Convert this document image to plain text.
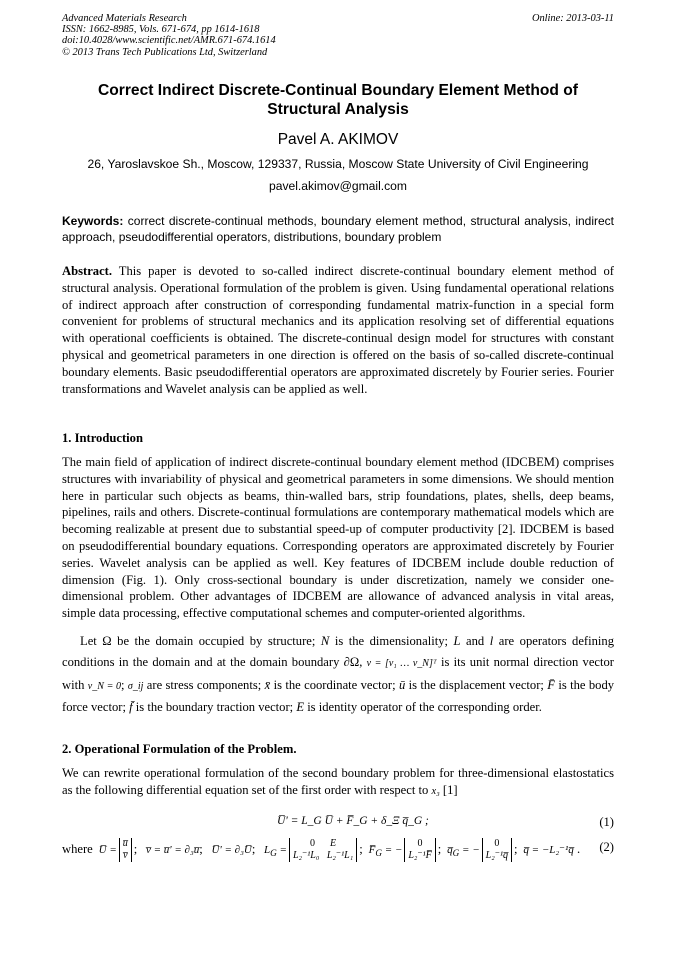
Advanced Materials Research
ISSN: 1662-8985, Vols. 671-674, pp 1614-1618
doi:10.4028/www.scientific.net/AMR.671-674.1614
© 2013 Trans Tech Publications Ltd, Switzerland
Online: 2013-03-11
Correct Indirect Discrete-Continual Boundary Element Method of
Structural Analysis
Pavel A. AKIMOV
26, Yaroslavskoe Sh., Moscow, 129337, Russia, Moscow State University of Civil Engineering
pavel.akimov@gmail.com
Keywords: correct discrete-continual methods, boundary element method, structural analysis, indirect approach, pseudodifferential operators, distributions, boundary problem
Abstract. This paper is devoted to so-called indirect discrete-continual boundary element method of structural analysis. Operational formulation of the problem is given. Using fundamental operational relations of indirect approach after construction of corresponding fundamental matrix-function in a special form convenient for problems of structural mechanics and its application resolving set of differential equations with operational coefficients is obtained. The discrete-continual design model for structures with constant physical and geometrical parameters in one direction is offered on the basis of so-called discrete-continual boundary elements. Basic pseudodifferential operators are approximated discretely by Fourier series. Fourier transformations and Wavelet analysis can be applied as well.
1. Introduction
The main field of application of indirect discrete-continual boundary element method (IDCBEM) comprises structures with invariability of physical and geometrical parameters in some dimensions. We should mention here in particular such objects as beams, thin-walled bars, strip foundations, plates, shells, deep beams, pipelines, rails and others. Discrete-continual formulations are contemporary mathematical models which are becoming realizable at present due to substantial speed-up of computer productivity [2]. IDCBEM is based on pseudodifferential boundary equations. Corresponding operators are approximated discretely by Fourier series. Wavelet analysis can be applied as well. Key features of IDCBEM include double reduction of dimension (Fig. 1). Only cross-sectional boundary is under discretization, namely we consider one-dimensional problem. Other advantages of IDCBEM are allowance of advanced analysis in vital areas, simple data processing, effective computational schemes and computer-oriented algorithms.
Let Ω be the domain occupied by structure; N is the dimensionality; L and l are operators defining conditions in the domain and at the domain boundary ∂Ω, ν = [ν₁ … ν_N]ᵀ is its unit normal direction vector with ν_N = 0; σ_ij are stress components; x̄ is the coordinate vector; ū is the displacement vector; F̄ is the body force vector; f̄ is the boundary traction vector; E is identity operator of the corresponding order.
2. Operational Formulation of the Problem.
We can rewrite operational formulation of the second boundary problem for three-dimensional elastostatics as the following differential equation set of the first order with respect to x₃ [1]
U̅' = L_G U̅ + F̅_G + δ_Ξ q̅_G ;	(1)
where  U̅ =
u̅
v̅ ;   v̅ = u̅' = ∂₃u̅;   U̅' = ∂₃U̅;   $L_G$ =
0      E
L₂⁻¹L₀   L₂⁻¹L₁ ;  $F̅_G$ = −
0
L₂⁻¹F̅ ;  $q̅_G$ = −
0
L₂⁻¹q̅ ;  q̅ = −L₂⁻¹q̅ . (2)
